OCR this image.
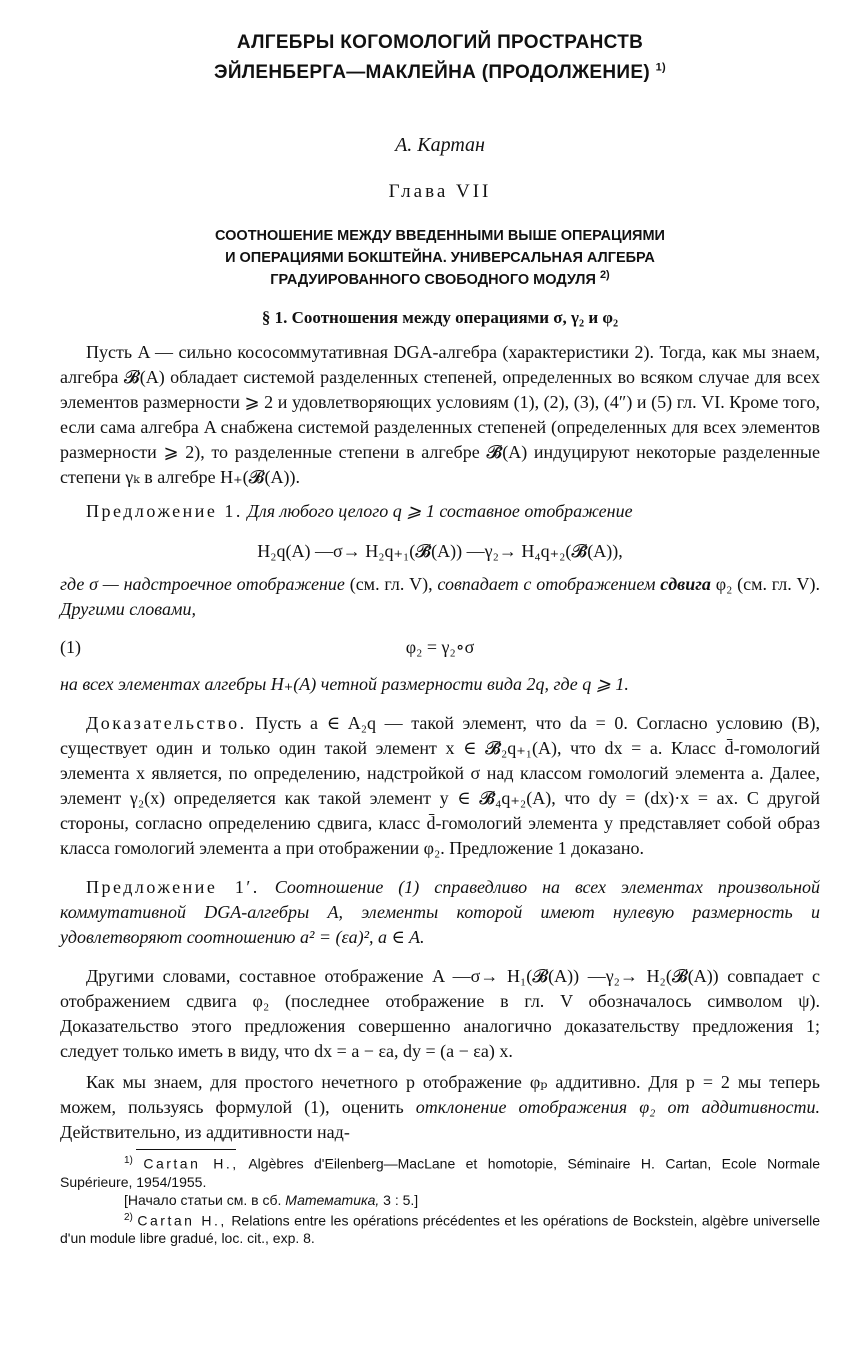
АЛГЕБРЫ КОГОМОЛОГИЙ ПРОСТРАНСТВ
ЭЙЛЕНБЕРГА—МАКЛЕЙНА (ПРОДОЛЖЕНИЕ) $^{1)}$
А. Картан
Глава VII
СООТНОШЕНИЕ МЕЖДУ ВВЕДЕННЫМИ ВЫШЕ ОПЕРАЦИЯМИ
И ОПЕРАЦИЯМИ БОКШТЕЙНА. УНИВЕРСАЛЬНАЯ АЛГЕБРА
ГРАДУИРОВАННОГО СВОБОДНОГО МОДУЛЯ $^{2)}$
§ 1. Соотношения между операциями σ, γ₂ и φ₂

Пусть A — сильно кососоммутативная DGA-алгебра (характеристики 2). Тогда, как мы знаем, алгебра 𝓑(A) обладает системой разделенных степеней, определенных во всяком случае для всех элементов размерности ⩾ 2 и удовлетворяющих условиям (1), (2), (3), (4″) и (5) гл. VI. Кроме того, если сама алгебра A снабжена системой разделенных степеней (определенных для всех элементов размерности ⩾ 2), то разделенные степени в алгебре 𝓑̄(A) индуцируют некоторые разделенные степени γₖ в алгебре H₊(𝓑(A)).

Предложение 1. Для любого целого q ⩾ 1 составное отображение

H₂q(A) —σ→ H₂q₊₁(𝓑̄(A)) —γ₂→ H₄q₊₂(𝓑̄(A)),

где σ — надстроечное отображение (см. гл. V), совпадает с отображением сдвига φ₂ (см. гл. V). Другими словами,

(1)	φ₂ = γ₂∘σ

на всех элементах алгебры H₊(A) четной размерности вида 2q, где q ⩾ 1.

Доказательство. Пусть a ∈ A₂q — такой элемент, что da = 0. Согласно условию (B), существует один и только один такой элемент x ∈ 𝓑̄₂q₊₁(A), что dx = a. Класс d̄-гомологий элемента x является, по определению, надстройкой σ над классом гомологий элемента a. Далее, элемент γ₂(x) определяется как такой элемент y ∈ 𝓑̄₄q₊₂(A), что dy = (dx)·x = ax. С другой стороны, согласно определению сдвига, класс d̄-гомологий элемента y представляет собой образ класса гомологий элемента a при отображении φ₂. Предложение 1 доказано.

Предложение 1′. Соотношение (1) справедливо на всех элементах произвольной коммутативной DGA-алгебры A, элементы которой имеют нулевую размерность и удовлетворяют соотношению a² = (εa)², a ∈ A.

Другими словами, составное отображение A —σ→ H₁(𝓑(A)) —γ₂→ H₂(𝓑(A)) совпадает с отображением сдвига φ₂ (последнее отображение в гл. V обозначалось символом ψ). Доказательство этого предложения совершенно аналогично доказательству предложения 1; следует только иметь в виду, что dx = a − εa, dy = (a − εa) x.

Как мы знаем, для простого нечетного p отображение φₚ аддитивно. Для p = 2 мы теперь можем, пользуясь формулой (1), оценить отклонение отображения φ₂ от аддитивности. Действительно, из аддитивности над-

$^{1)}$ Cartan H., Algèbres d'Eilenberg—MacLane et homotopie, Séminaire H. Cartan, Ecole Normale Supérieure, 1954/1955.
[Начало статьи см. в сб. Математика, 3 : 5.]
$^{2)}$ Cartan H., Relations entre les opérations précédentes et les opérations de Bockstein, algèbre universelle d'un module libre gradué, loc. cit., exp. 8.
